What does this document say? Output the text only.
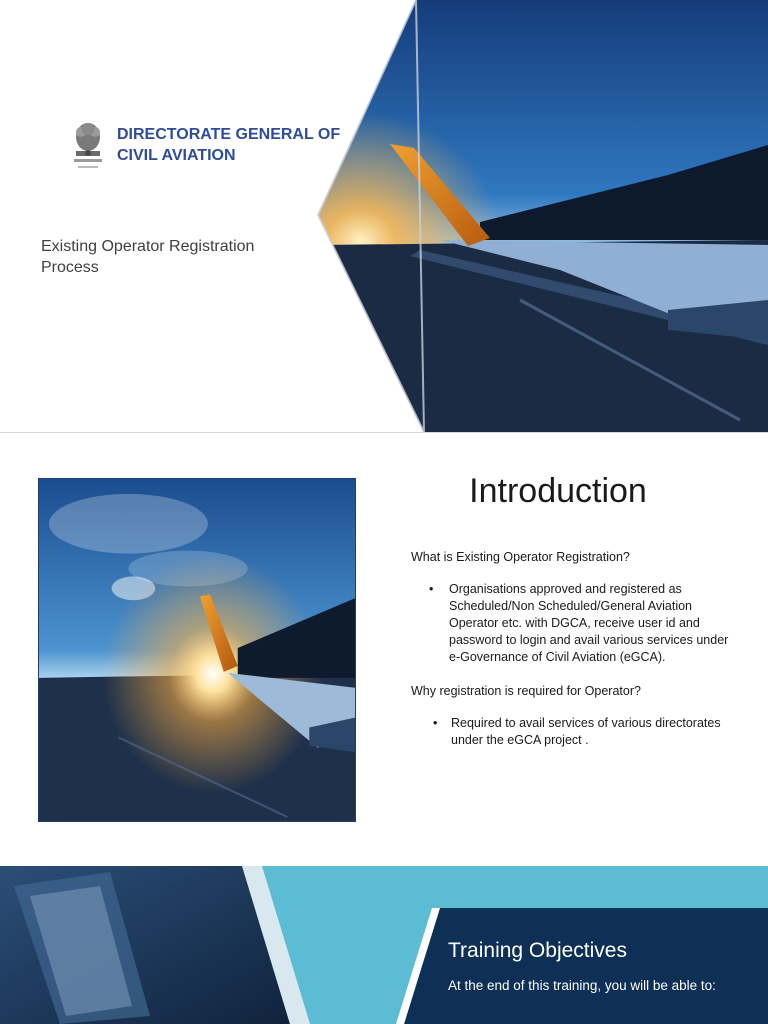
DIRECTORATE GENERAL OF CIVIL AVIATION
Existing Operator Registration Process
Introduction

What is Existing Operator Registration?

• Organisations approved and registered as Scheduled/Non Scheduled/General Aviation Operator etc. with DGCA, receive user id and password to login and avail various services under e-Governance of Civil Aviation (eGCA).

Why registration is required for Operator?

• Required to avail services of various directorates under the eGCA project .
Training Objectives
At the end of this training, you will be able to:
